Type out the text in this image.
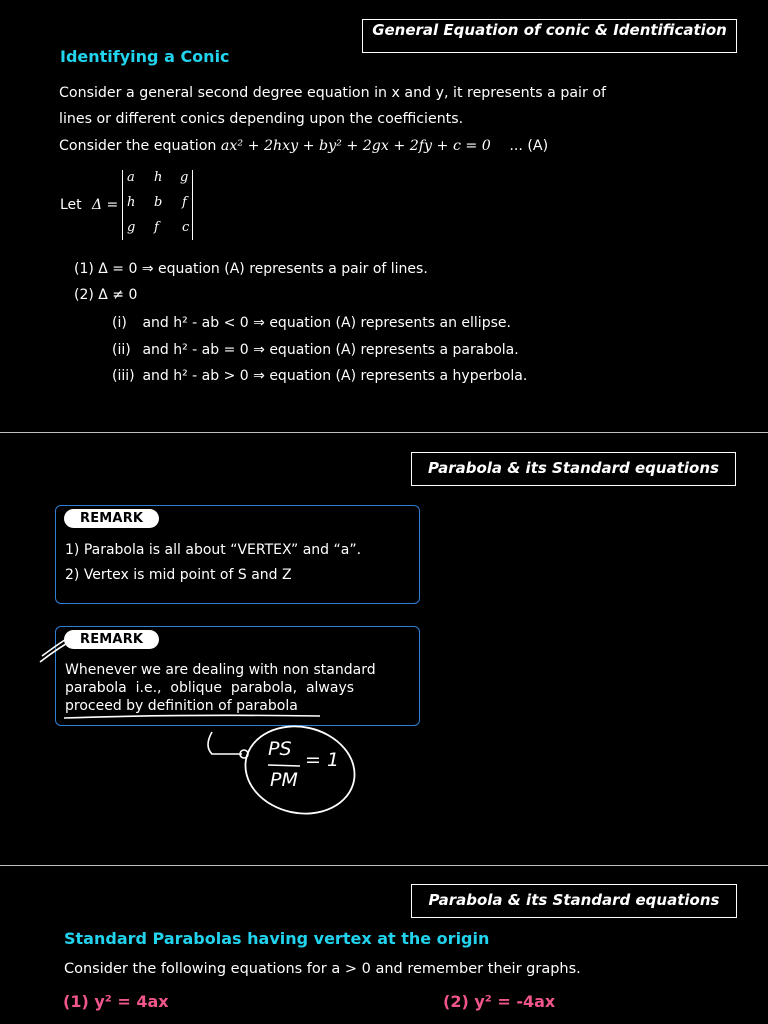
General Equation of conic & Identification
Identifying a Conic
Consider a general second degree equation in x and y, it represents a pair of
lines or different conics depending upon the coefficients.
Consider the equation ax² + 2hxy + by² + 2gx + 2fy + c = 0 ... (A)
Let Δ =
a h g
h b f
g f c
(1) Δ = 0 ⇒ equation (A) represents a pair of lines.
(2) Δ ≠ 0
(i) and h² - ab < 0 ⇒ equation (A) represents an ellipse.
(ii) and h² - ab = 0 ⇒ equation (A) represents a parabola.
(iii) and h² - ab > 0 ⇒ equation (A) represents a hyperbola.
Parabola & its Standard equations
REMARK
1) Parabola is all about “VERTEX” and “a”.
2) Vertex is mid point of S and Z
REMARK
Whenever we are dealing with non standard
parabola  i.e.,  oblique  parabola,  always
proceed by definition of parabola
PS
PM
= 1
Parabola & its Standard equations
Standard Parabolas having vertex at the origin
Consider the following equations for a > 0 and remember their graphs.
(1) y² = 4ax	(2) y² = -4ax
